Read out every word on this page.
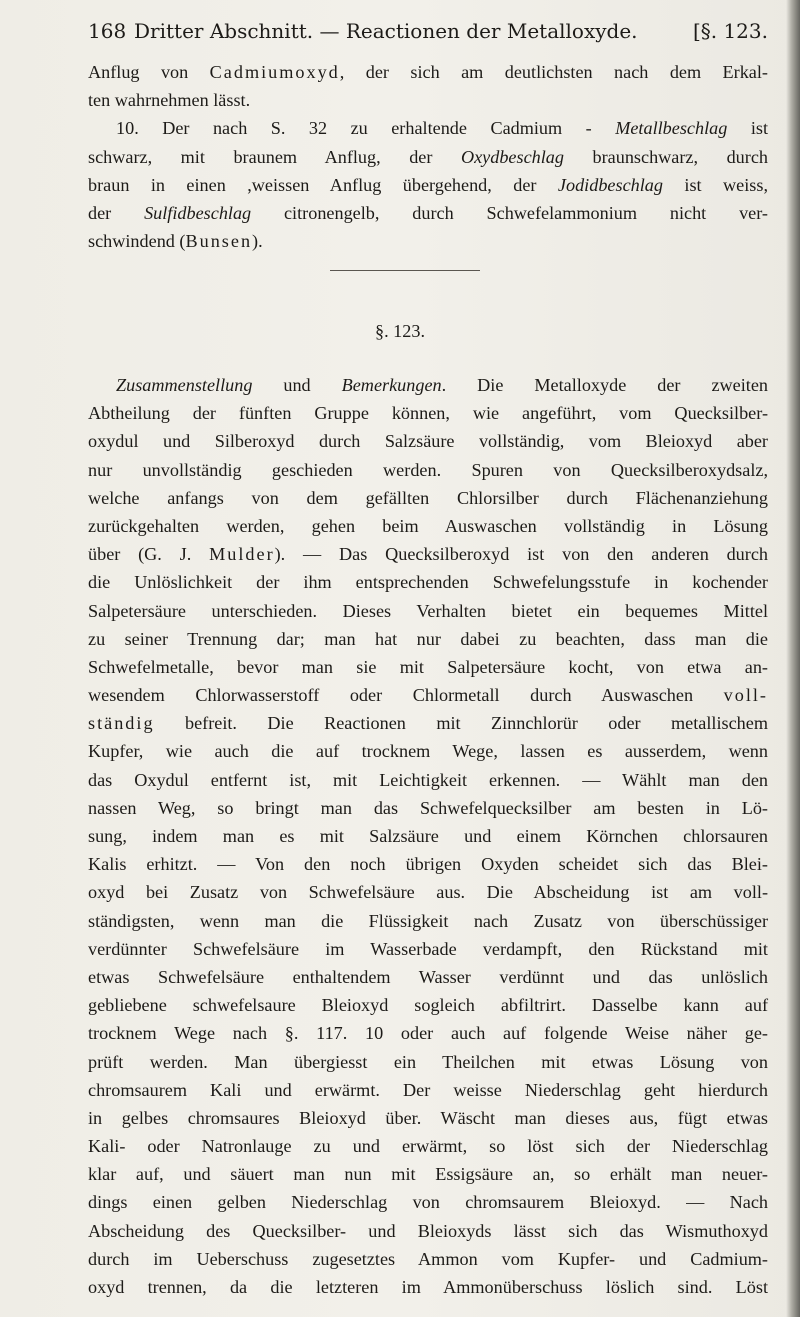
168 Dritter Abschnitt. — Reactionen der Metalloxyde.	[§. 123.
Anflug von Cadmiumoxyd, der sich am deutlichsten nach dem Erkal-
ten wahrnehmen lässt.
10. Der nach S. 32 zu erhaltende Cadmium - Metallbeschlag ist
schwarz, mit braunem Anflug, der Oxydbeschlag braunschwarz, durch
braun in einen ,weissen Anflug übergehend, der Jodidbeschlag ist weiss,
der Sulfidbeschlag citronengelb, durch Schwefelammonium nicht ver-
schwindend (Bunsen).
§. 123.
Zusammenstellung und Bemerkungen. Die Metalloxyde der zweiten
Abtheilung der fünften Gruppe können, wie angeführt, vom Quecksilber-
oxydul und Silberoxyd durch Salzsäure vollständig, vom Bleioxyd aber
nur unvollständig geschieden werden. Spuren von Quecksilberoxydsalz,
welche anfangs von dem gefällten Chlorsilber durch Flächenanziehung
zurückgehalten werden, gehen beim Auswaschen vollständig in Lösung
über (G. J. Mulder). — Das Quecksilberoxyd ist von den anderen durch
die Unlöslichkeit der ihm entsprechenden Schwefelungsstufe in kochender
Salpetersäure unterschieden. Dieses Verhalten bietet ein bequemes Mittel
zu seiner Trennung dar; man hat nur dabei zu beachten, dass man die
Schwefelmetalle, bevor man sie mit Salpetersäure kocht, von etwa an-
wesendem Chlorwasserstoff oder Chlormetall durch Auswaschen voll-
ständig befreit. Die Reactionen mit Zinnchlorür oder metallischem
Kupfer, wie auch die auf trocknem Wege, lassen es ausserdem, wenn
das Oxydul entfernt ist, mit Leichtigkeit erkennen. — Wählt man den
nassen Weg, so bringt man das Schwefelquecksilber am besten in Lö-
sung, indem man es mit Salzsäure und einem Körnchen chlorsauren
Kalis erhitzt. — Von den noch übrigen Oxyden scheidet sich das Blei-
oxyd bei Zusatz von Schwefelsäure aus. Die Abscheidung ist am voll-
ständigsten, wenn man die Flüssigkeit nach Zusatz von überschüssiger
verdünnter Schwefelsäure im Wasserbade verdampft, den Rückstand mit
etwas Schwefelsäure enthaltendem Wasser verdünnt und das unlöslich
gebliebene schwefelsaure Bleioxyd sogleich abfiltrirt. Dasselbe kann auf
trocknem Wege nach §. 117. 10 oder auch auf folgende Weise näher ge-
prüft werden. Man übergiesst ein Theilchen mit etwas Lösung von
chromsaurem Kali und erwärmt. Der weisse Niederschlag geht hierdurch
in gelbes chromsaures Bleioxyd über. Wäscht man dieses aus, fügt etwas
Kali- oder Natronlauge zu und erwärmt, so löst sich der Niederschlag
klar auf, und säuert man nun mit Essigsäure an, so erhält man neuer-
dings einen gelben Niederschlag von chromsaurem Bleioxyd. — Nach
Abscheidung des Quecksilber- und Bleioxyds lässt sich das Wismuthoxyd
durch im Ueberschuss zugesetztes Ammon vom Kupfer- und Cadmium-
oxyd trennen, da die letzteren im Ammonüberschuss löslich sind. Löst
